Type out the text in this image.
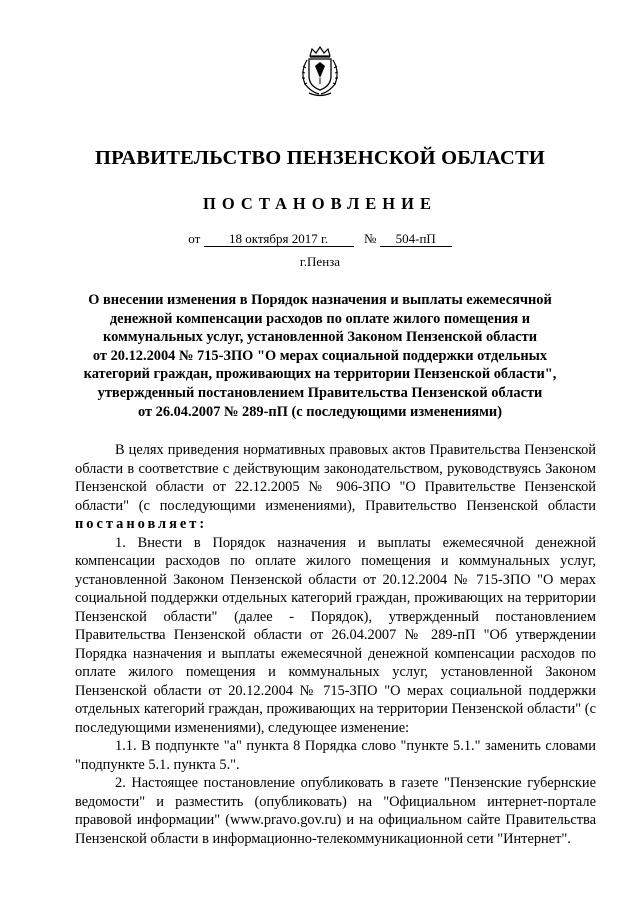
ПРАВИТЕЛЬСТВО ПЕНЗЕНСКОЙ ОБЛАСТИ
ПОСТАНОВЛЕНИЕ
от 18 октября 2017 г.	№ 504-пП
г.Пенза
О внесении изменения в Порядок назначения и выплаты ежемесячной
денежной компенсации расходов по оплате жилого помещения и
коммунальных услуг, установленной Законом Пензенской области
от 20.12.2004 № 715-ЗПО "О мерах социальной поддержки отдельных
категорий граждан, проживающих на территории Пензенской области",
утвержденный постановлением Правительства Пензенской области
от 26.04.2007 № 289-пП (с последующими изменениями)

В целях приведения нормативных правовых актов Правительства Пензенской области в соответствие с действующим законодательством, руководствуясь Законом Пензенской области от 22.12.2005 № 906-ЗПО "О Правительстве Пензенской области" (с последующими изменениями), Правительство Пензенской области постановляет:

1. Внести в Порядок назначения и выплаты ежемесячной денежной компенсации расходов по оплате жилого помещения и коммунальных услуг, установленной Законом Пензенской области от 20.12.2004 № 715-ЗПО "О мерах социальной поддержки отдельных категорий граждан, проживающих на территории Пензенской области" (далее - Порядок), утвержденный постановлением Правительства Пензенской области от 26.04.2007 № 289-пП "Об утверждении Порядка назначения и выплаты ежемесячной денежной компенсации расходов по оплате жилого помещения и коммунальных услуг, установленной Законом Пензенской области от 20.12.2004 № 715-ЗПО "О мерах социальной поддержки отдельных категорий граждан, проживающих на территории Пензенской области" (с последующими изменениями), следующее изменение:

1.1. В подпункте "а" пункта 8 Порядка слово "пункте 5.1." заменить словами "подпункте 5.1. пункта 5.".

2. Настоящее постановление опубликовать в газете "Пензенские губернские ведомости" и разместить (опубликовать) на "Официальном интернет-портале правовой информации" (www.pravo.gov.ru) и на официальном сайте Правительства Пензенской области в информационно-телекоммуникационной сети "Интернет".
